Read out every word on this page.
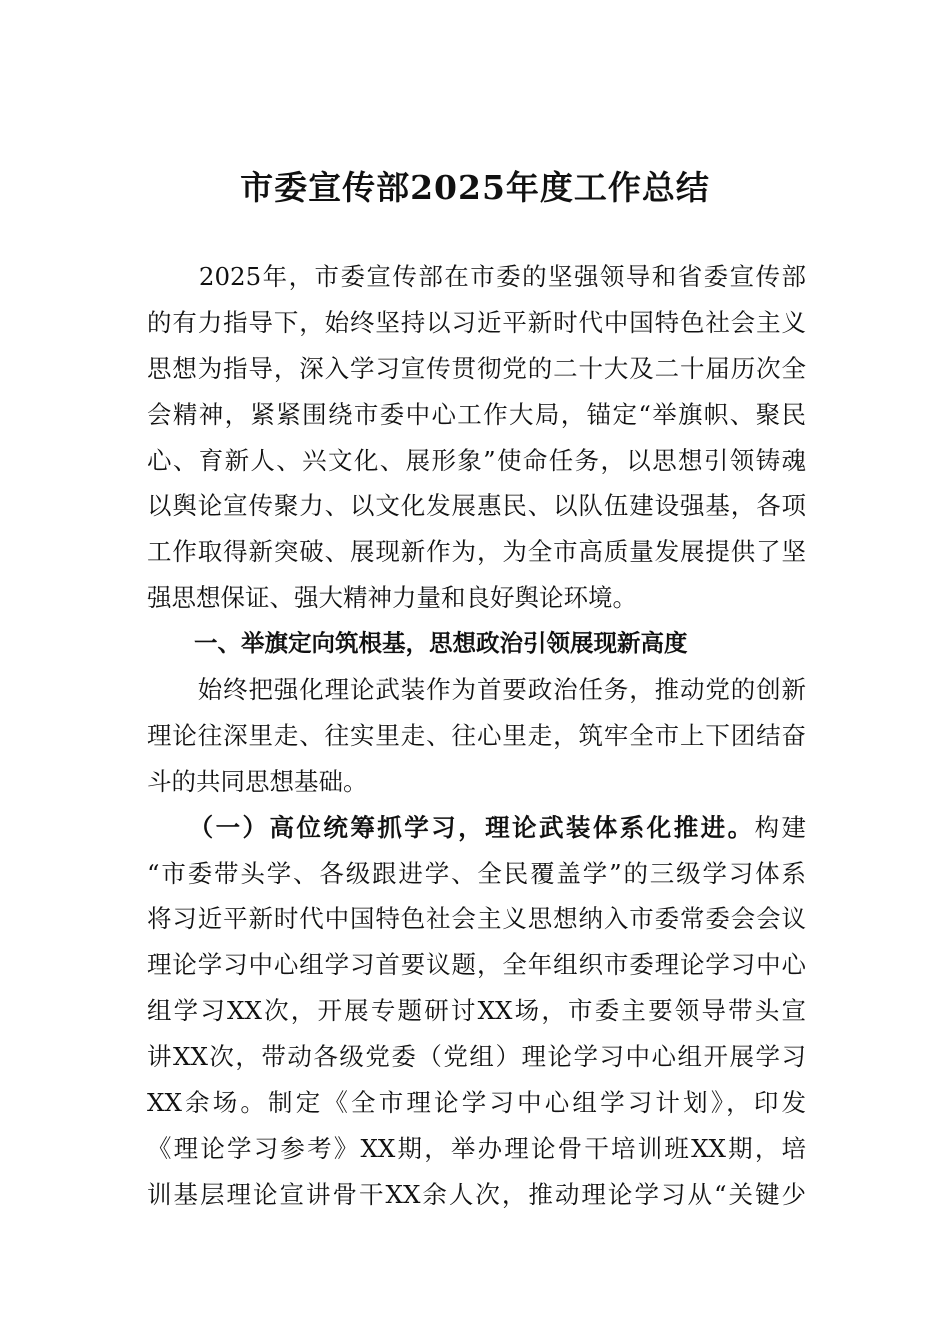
市委宣传部2025年度工作总结
　　2025年，市委宣传部在市委的坚强领导和省委宣传部
的有力指导下，始终坚持以习近平新时代中国特色社会主义
思想为指导，深入学习宣传贯彻党的二十大及二十届历次全
会精神，紧紧围绕市委中心工作大局，锚定“举旗帜、聚民
心、育新人、兴文化、展形象”使命任务，以思想引领铸魂
以舆论宣传聚力、以文化发展惠民、以队伍建设强基，各项
工作取得新突破、展现新作为，为全市高质量发展提供了坚
强思想保证、强大精神力量和良好舆论环境。
　　一、举旗定向筑根基，思想政治引领展现新高度
　　始终把强化理论武装作为首要政治任务，推动党的创新
理论往深里走、往实里走、往心里走，筑牢全市上下团结奋
斗的共同思想基础。
　　（一）高位统筹抓学习，理论武装体系化推进。构建
“市委带头学、各级跟进学、全民覆盖学”的三级学习体系
将习近平新时代中国特色社会主义思想纳入市委常委会会议
理论学习中心组学习首要议题，全年组织市委理论学习中心
组学习XX次，开展专题研讨XX场，市委主要领导带头宣
讲XX次，带动各级党委（党组）理论学习中心组开展学习
XX余场。制定《全市理论学习中心组学习计划》，印发
《理论学习参考》XX期，举办理论骨干培训班XX期，培
训基层理论宣讲骨干XX余人次，推动理论学习从“关键少
